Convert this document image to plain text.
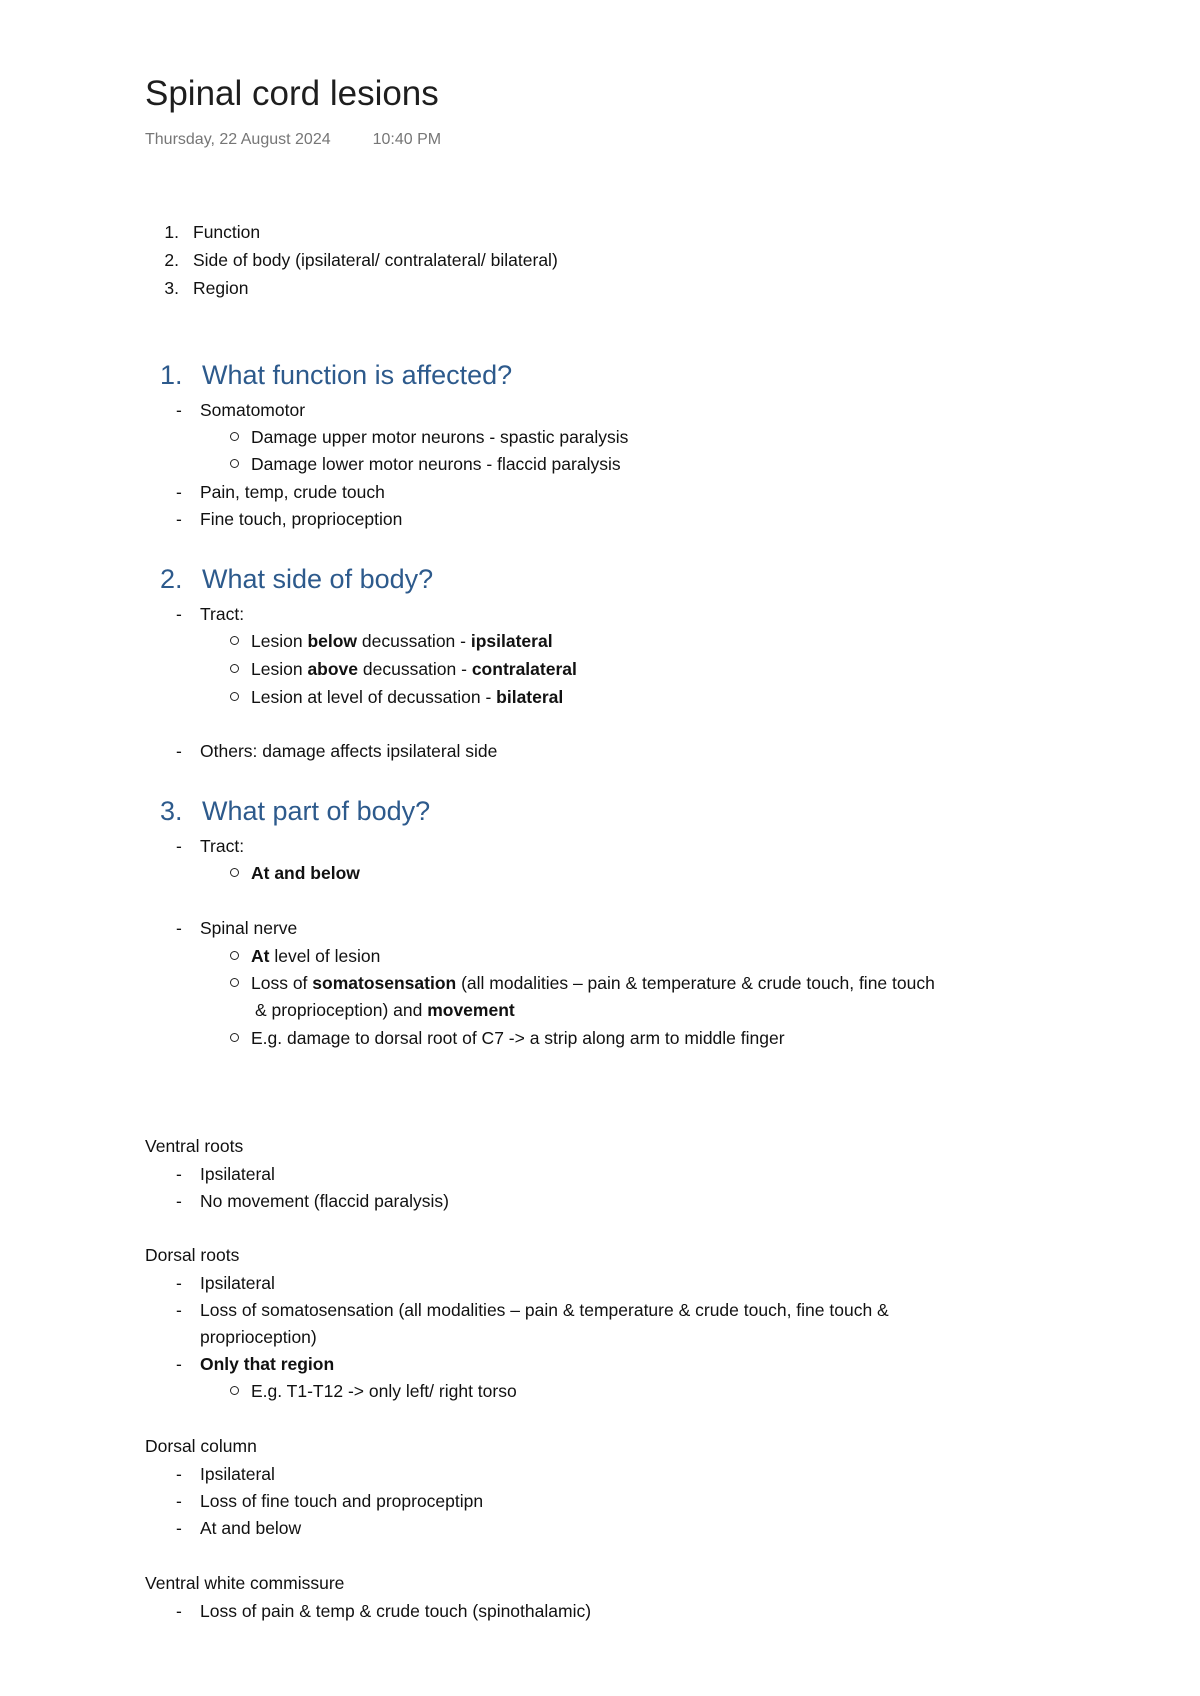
Spinal cord lesions
Thursday, 22 August 2024	10:40 PM
1. Function
2. Side of body (ipsilateral/ contralateral/ bilateral)
3. Region
1. What function is affected?
- Somatomotor
Damage upper motor neurons - spastic paralysis
Damage lower motor neurons - flaccid paralysis
- Pain, temp, crude touch
- Fine touch, proprioception
2. What side of body?
- Tract:
Lesion below decussation - ipsilateral
Lesion above decussation - contralateral
Lesion at level of decussation - bilateral
- Others: damage affects ipsilateral side
3. What part of body?
- Tract:
At and below
- Spinal nerve
At level of lesion
Loss of somatosensation (all modalities – pain & temperature & crude touch, fine touch
& proprioception) and movement
E.g. damage to dorsal root of C7 -> a strip along arm to middle finger
Ventral roots
- Ipsilateral
- No movement (flaccid paralysis)
Dorsal roots
- Ipsilateral
- Loss of somatosensation (all modalities – pain & temperature & crude touch, fine touch &
proprioception)
- Only that region
E.g. T1-T12 -> only left/ right torso
Dorsal column
- Ipsilateral
- Loss of fine touch and proproceptipn
- At and below
Ventral white commissure
- Loss of pain & temp & crude touch (spinothalamic)
